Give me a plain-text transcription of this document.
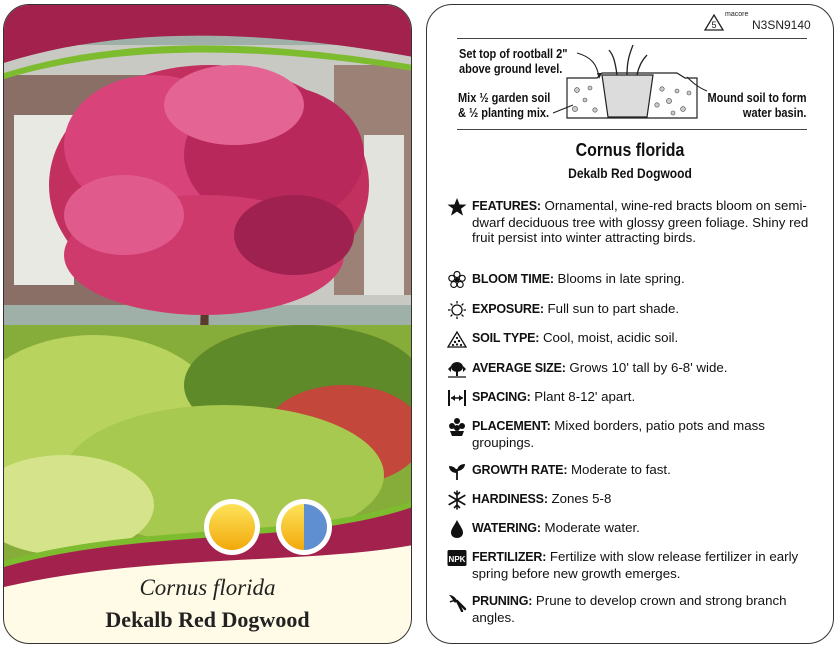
Cornus florida
Dekalb Red Dogwood
5
macore
N3SN9140
Set top of rootball 2"
above ground level.
Mix ½ garden soil
& ½ planting mix.
Mound soil to form
water basin.
Cornus florida
Dekalb Red Dogwood
FEATURES: Ornamental, wine-red bracts bloom on semi-dwarf deciduous tree with glossy green foliage. Shiny red fruit persist into winter attracting birds.
BLOOM TIME: Blooms in late spring.
EXPOSURE: Full sun to part shade.
SOIL TYPE: Cool, moist, acidic soil.
AVERAGE SIZE: Grows 10' tall by 6-8' wide.
SPACING: Plant 8-12' apart.
PLACEMENT: Mixed borders, patio pots and mass groupings.
GROWTH RATE: Moderate to fast.
HARDINESS: Zones 5-8
WATERING: Moderate water.
NPK FERTILIZER: Fertilize with slow release fertilizer in early spring before new growth emerges.
PRUNING: Prune to develop crown and strong branch angles.
